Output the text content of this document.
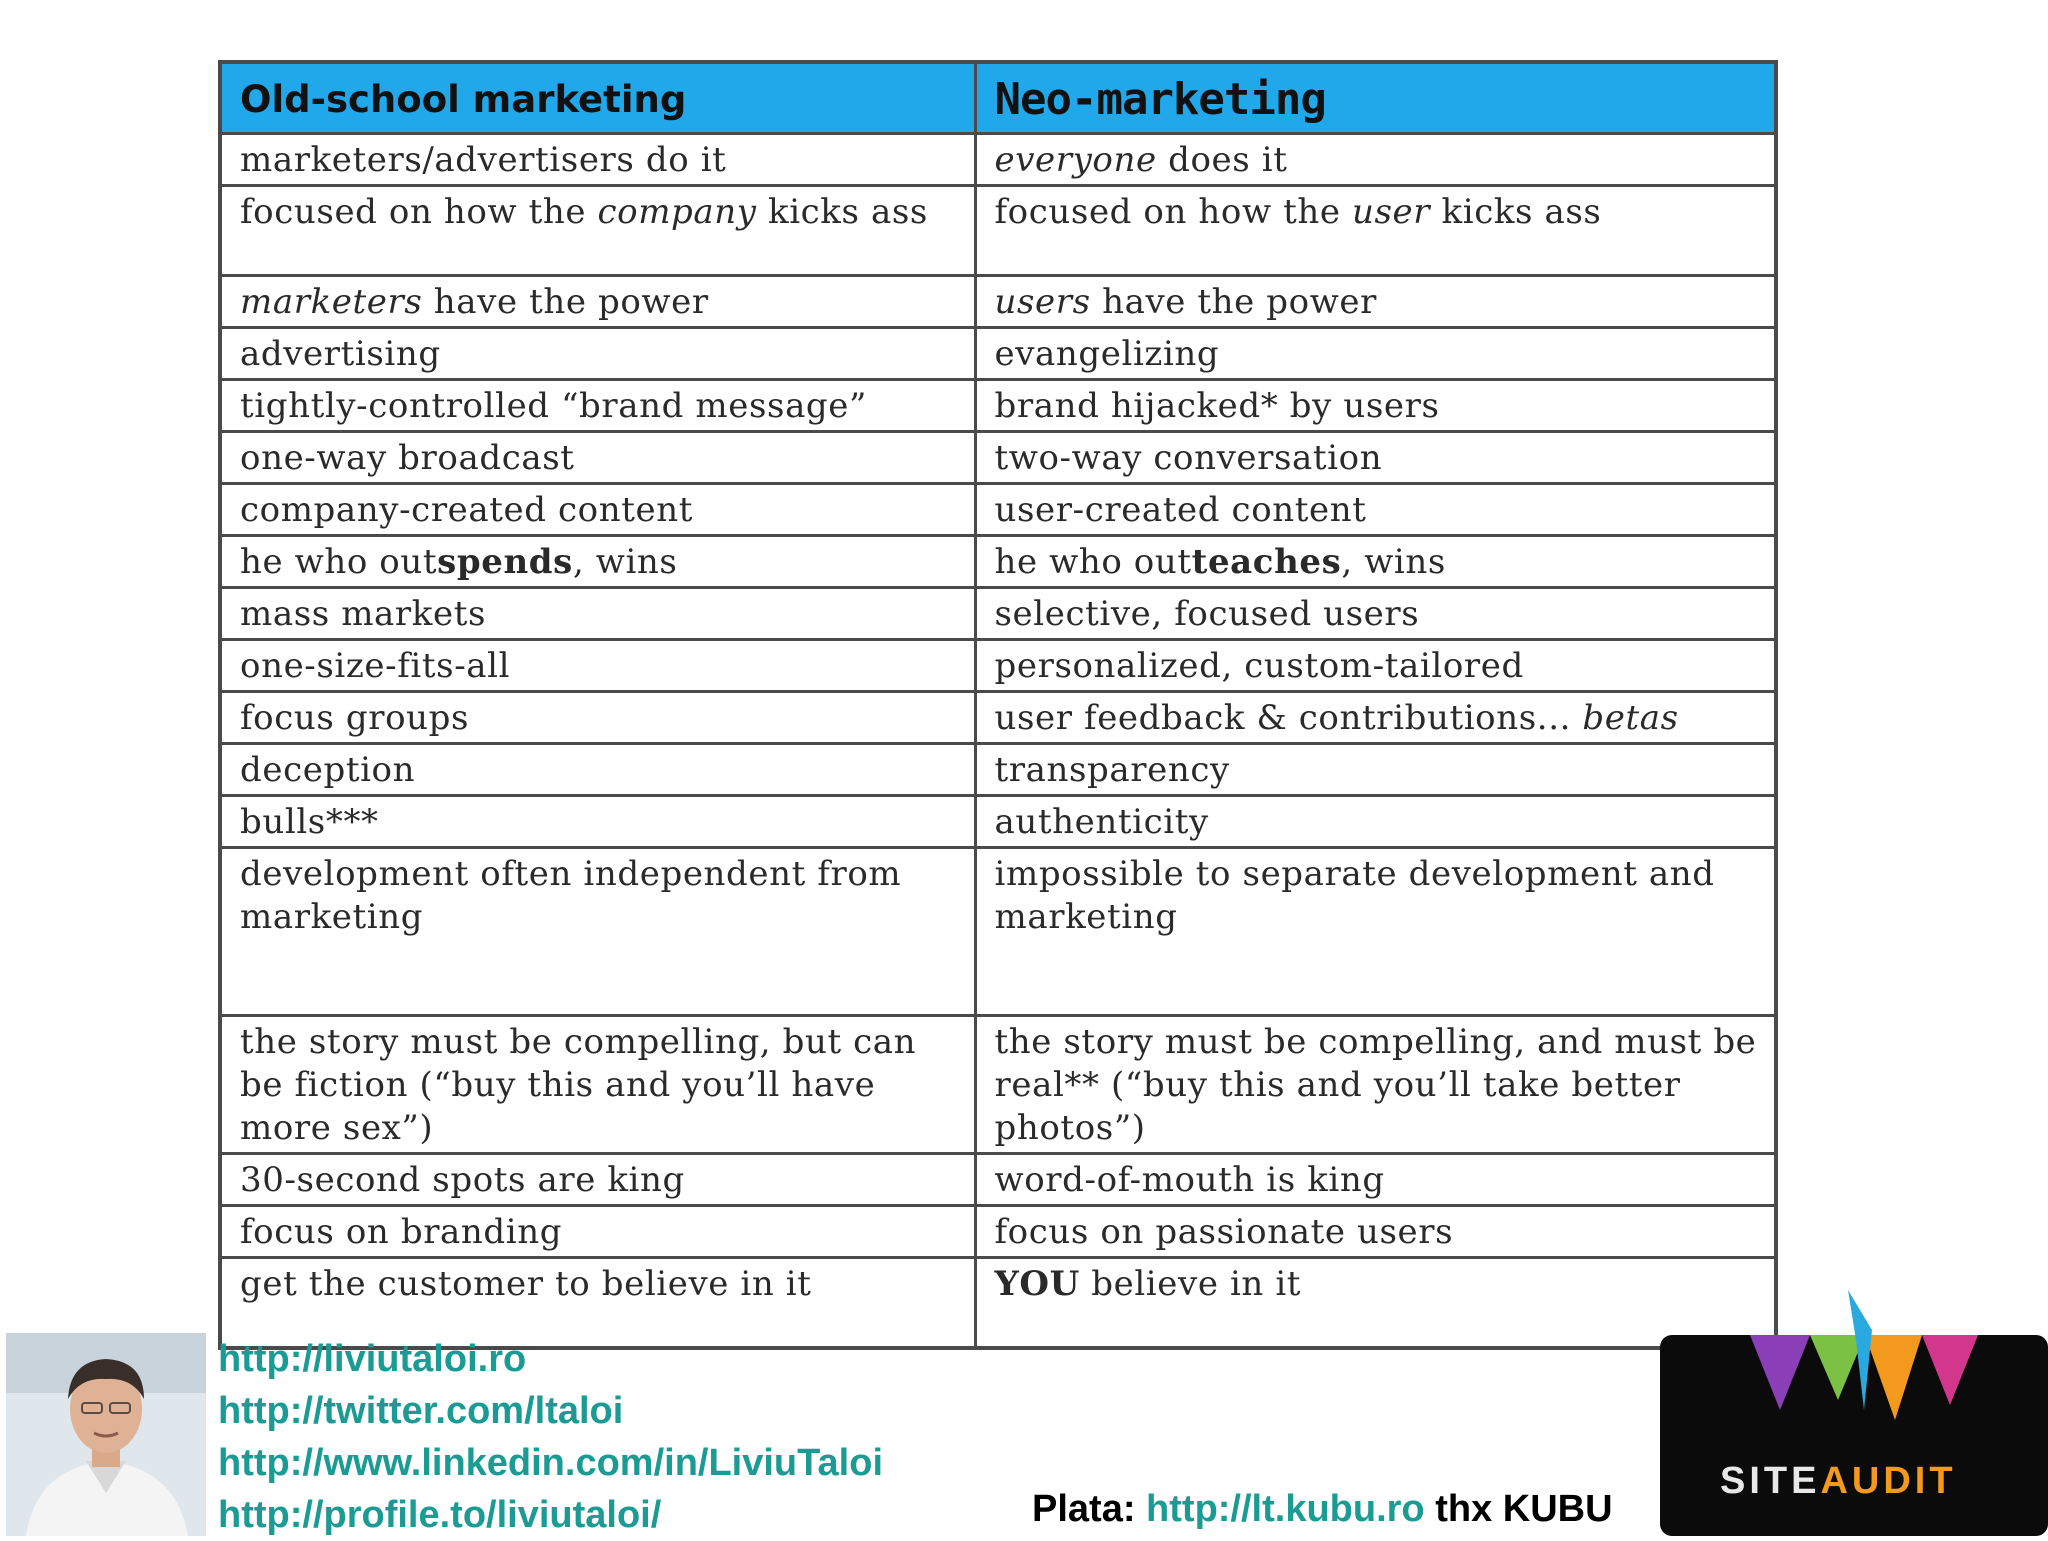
Old-school marketing	Neo-marketing
marketers/advertisers do it	everyone does it
focused on how the company kicks ass	focused on how the user kicks ass
marketers have the power	users have the power
advertising	evangelizing
tightly-controlled “brand message”	brand hijacked* by users
one-way broadcast	two-way conversation
company-created content	user-created content
he who outspends, wins	he who outteaches, wins
mass markets	selective, focused users
one-size-fits-all	personalized, custom-tailored
focus groups	user feedback & contributions... betas
deception	transparency
bulls***	authenticity
development often independent from marketing	impossible to separate development and marketing
the story must be compelling, but can be fiction (“buy this and you’ll have more sex”)	the story must be compelling, and must be real** (“buy this and you’ll take better photos”)
30-second spots are king	word-of-mouth is king
focus on branding	focus on passionate users
get the customer to believe in it	YOU believe in it
http://liviutaloi.ro
http://twitter.com/ltaloi
http://www.linkedin.com/in/LiviuTaloi
http://profile.to/liviutaloi/	Plata: http://lt.kubu.ro thx KUBU
SITEAUDIT
